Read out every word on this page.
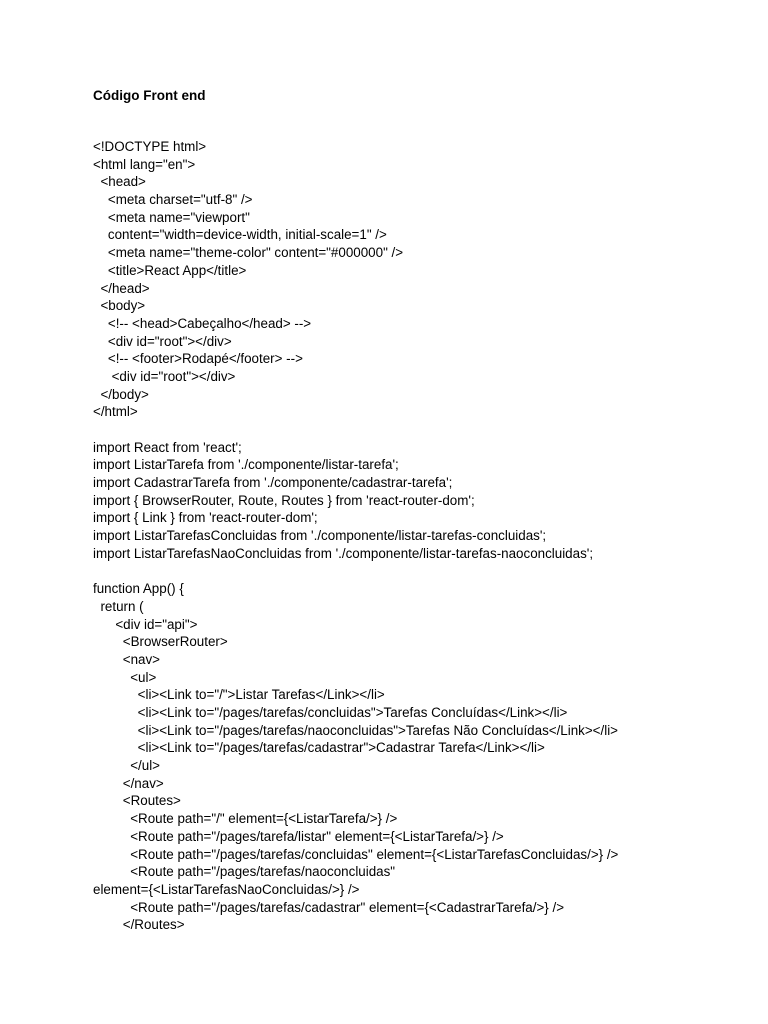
Código Front end
<!DOCTYPE html>
<html lang="en">
<head>
<meta charset="utf-8" />
<meta name="viewport"
content="width=device-width, initial-scale=1" />
<meta name="theme-color" content="#000000" />
<title>React App</title>
</head>
<body>
<!-- <head>Cabeçalho</head> -->
<div id="root"></div>
<!-- <footer>Rodapé</footer> -->
<div id="root"></div>
</body>
</html>
import React from 'react';
import ListarTarefa from './componente/listar-tarefa';
import CadastrarTarefa from './componente/cadastrar-tarefa';
import { BrowserRouter, Route, Routes } from 'react-router-dom';
import { Link } from 'react-router-dom';
import ListarTarefasConcluidas from './componente/listar-tarefas-concluidas';
import ListarTarefasNaoConcluidas from './componente/listar-tarefas-naoconcluidas';
function App() {
return (
<div id="api">
<BrowserRouter>
<nav>
<ul>
<li><Link to="/">Listar Tarefas</Link></li>
<li><Link to="/pages/tarefas/concluidas">Tarefas Concluídas</Link></li>
<li><Link to="/pages/tarefas/naoconcluidas">Tarefas Não Concluídas</Link></li>
<li><Link to="/pages/tarefas/cadastrar">Cadastrar Tarefa</Link></li>
</ul>
</nav>
<Routes>
<Route path="/" element={<ListarTarefa/>} />
<Route path="/pages/tarefa/listar" element={<ListarTarefa/>} />
<Route path="/pages/tarefas/concluidas" element={<ListarTarefasConcluidas/>} />
<Route path="/pages/tarefas/naoconcluidas"
element={<ListarTarefasNaoConcluidas/>} />
<Route path="/pages/tarefas/cadastrar" element={<CadastrarTarefa/>} />
</Routes>
